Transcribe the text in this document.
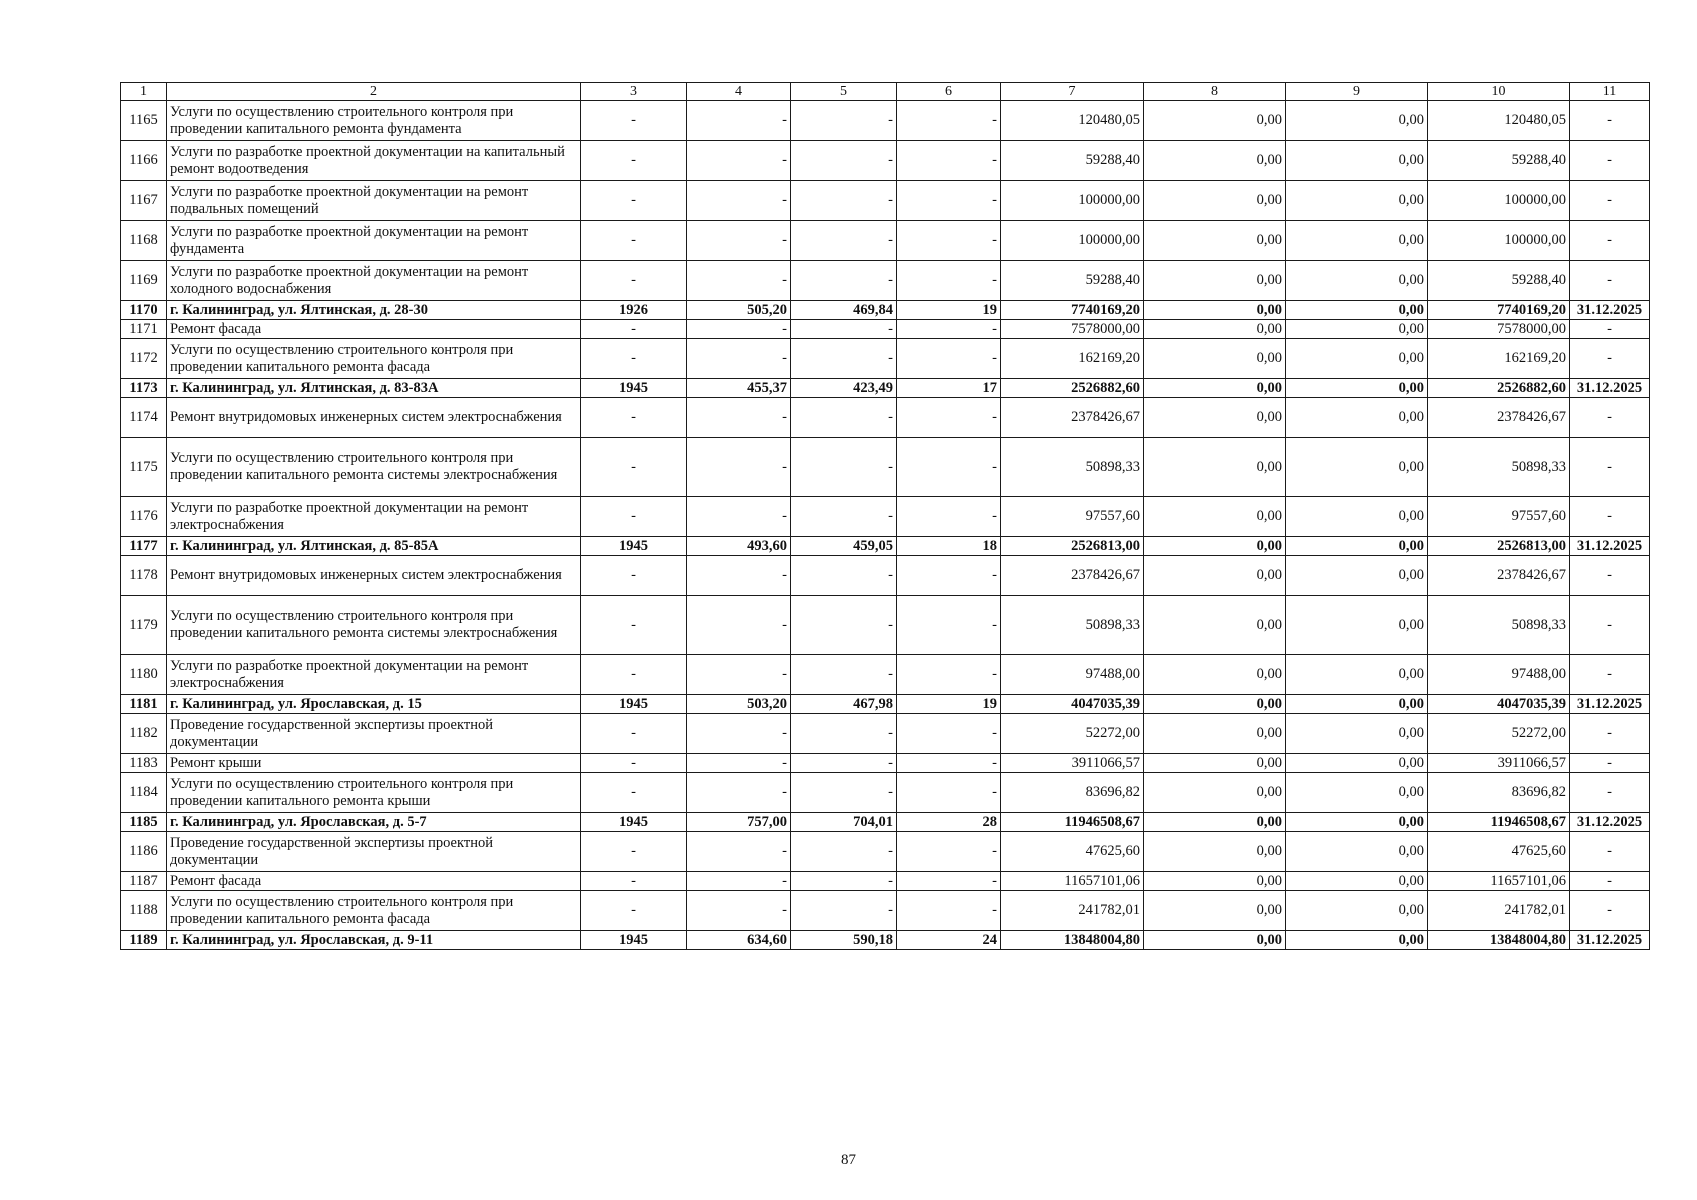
1	2	3	4	5	6	7	8	9	10	11
1165	Услуги по осуществлению строительного контроля при проведении капитального ремонта фундамента	-	-	-	-	120480,05	0,00	0,00	120480,05	-
1166	Услуги по разработке проектной документации на капитальный ремонт водоотведения	-	-	-	-	59288,40	0,00	0,00	59288,40	-
1167	Услуги по разработке проектной документации на ремонт подвальных помещений	-	-	-	-	100000,00	0,00	0,00	100000,00	-
1168	Услуги по разработке проектной документации на ремонт фундамента	-	-	-	-	100000,00	0,00	0,00	100000,00	-
1169	Услуги по разработке проектной документации на ремонт холодного водоснабжения	-	-	-	-	59288,40	0,00	0,00	59288,40	-
1170	г. Калининград, ул. Ялтинская, д. 28-30	1926	505,20	469,84	19	7740169,20	0,00	0,00	7740169,20	31.12.2025
1171	Ремонт фасада	-	-	-	-	7578000,00	0,00	0,00	7578000,00	-
1172	Услуги по осуществлению строительного контроля при проведении капитального ремонта фасада	-	-	-	-	162169,20	0,00	0,00	162169,20	-
1173	г. Калининград, ул. Ялтинская, д. 83-83А	1945	455,37	423,49	17	2526882,60	0,00	0,00	2526882,60	31.12.2025
1174	Ремонт внутридомовых инженерных систем электроснабжения	-	-	-	-	2378426,67	0,00	0,00	2378426,67	-
1175	Услуги по осуществлению строительного контроля при проведении капитального ремонта системы электроснабжения	-	-	-	-	50898,33	0,00	0,00	50898,33	-
1176	Услуги по разработке проектной документации на ремонт электроснабжения	-	-	-	-	97557,60	0,00	0,00	97557,60	-
1177	г. Калининград, ул. Ялтинская, д. 85-85А	1945	493,60	459,05	18	2526813,00	0,00	0,00	2526813,00	31.12.2025
1178	Ремонт внутридомовых инженерных систем электроснабжения	-	-	-	-	2378426,67	0,00	0,00	2378426,67	-
1179	Услуги по осуществлению строительного контроля при проведении капитального ремонта системы электроснабжения	-	-	-	-	50898,33	0,00	0,00	50898,33	-
1180	Услуги по разработке проектной документации на ремонт электроснабжения	-	-	-	-	97488,00	0,00	0,00	97488,00	-
1181	г. Калининград, ул. Ярославская, д. 15	1945	503,20	467,98	19	4047035,39	0,00	0,00	4047035,39	31.12.2025
1182	Проведение государственной экспертизы проектной документации	-	-	-	-	52272,00	0,00	0,00	52272,00	-
1183	Ремонт крыши	-	-	-	-	3911066,57	0,00	0,00	3911066,57	-
1184	Услуги по осуществлению строительного контроля при проведении капитального ремонта крыши	-	-	-	-	83696,82	0,00	0,00	83696,82	-
1185	г. Калининград, ул. Ярославская, д. 5-7	1945	757,00	704,01	28	11946508,67	0,00	0,00	11946508,67	31.12.2025
1186	Проведение государственной экспертизы проектной документации	-	-	-	-	47625,60	0,00	0,00	47625,60	-
1187	Ремонт фасада	-	-	-	-	11657101,06	0,00	0,00	11657101,06	-
1188	Услуги по осуществлению строительного контроля при проведении капитального ремонта фасада	-	-	-	-	241782,01	0,00	0,00	241782,01	-
1189	г. Калининград, ул. Ярославская, д. 9-11	1945	634,60	590,18	24	13848004,80	0,00	0,00	13848004,80	31.12.2025
87
